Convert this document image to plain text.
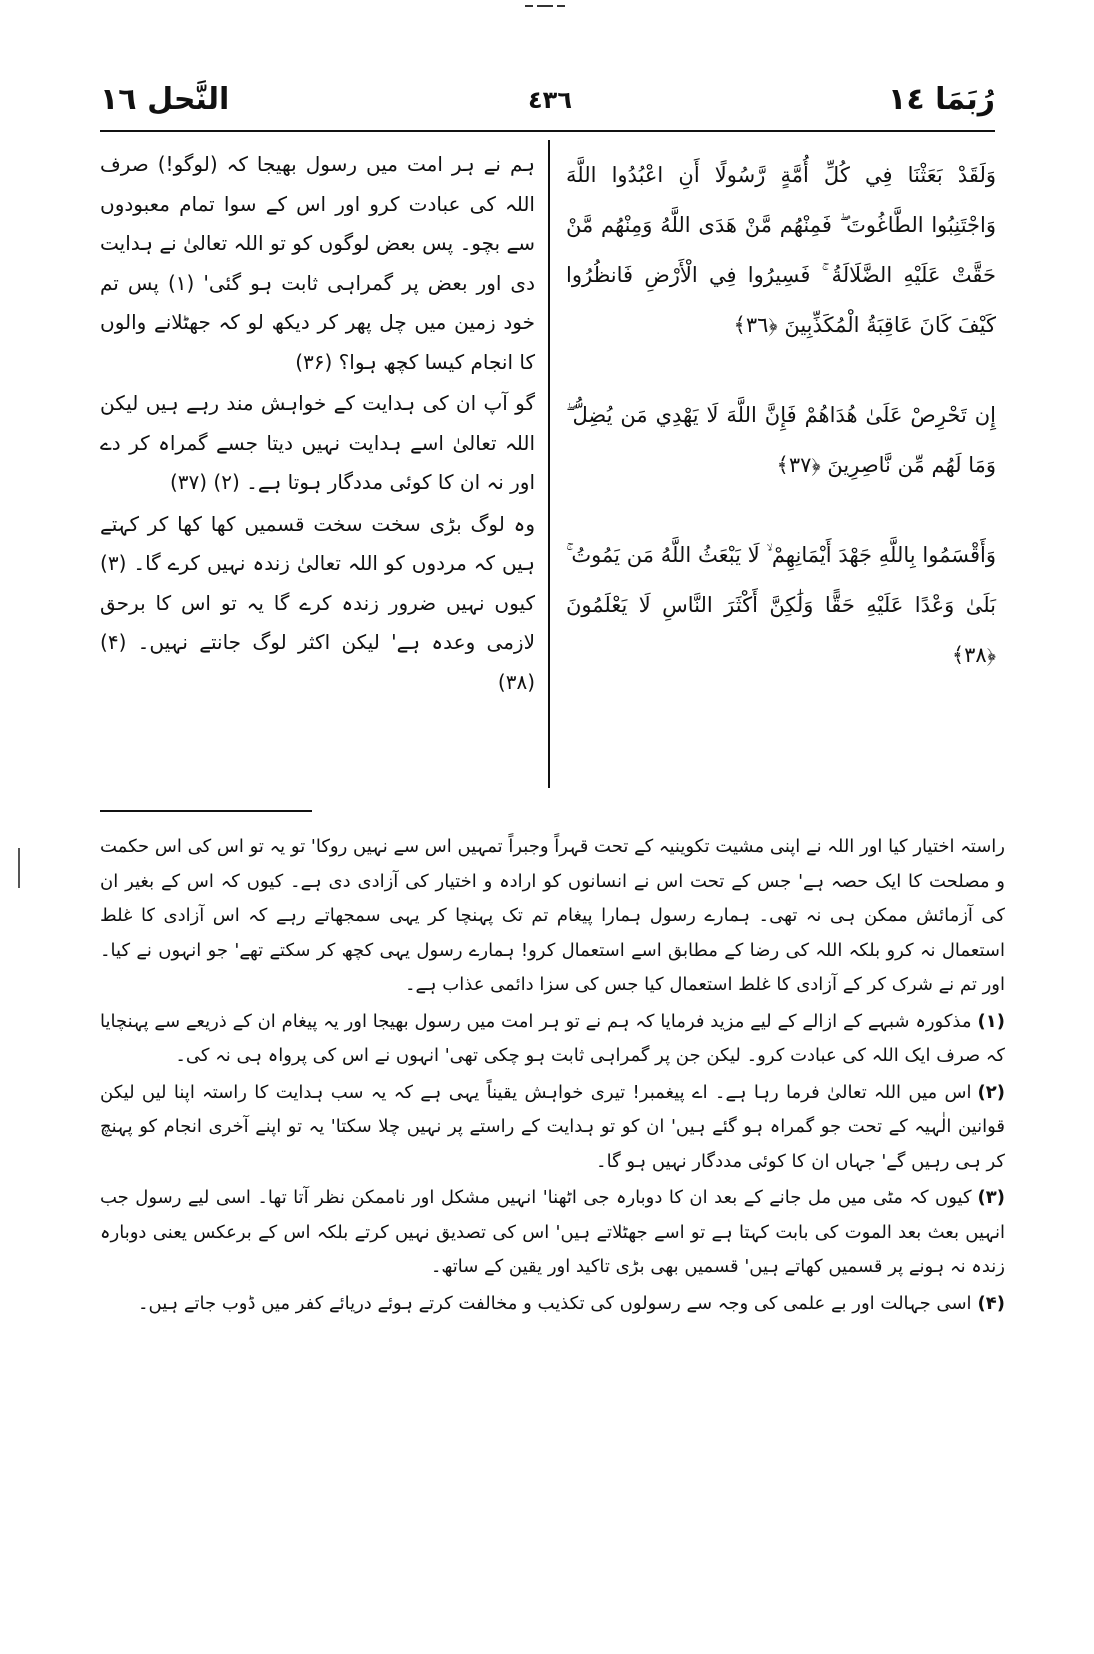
رُبَمَا ١٤
٤٣٦
النَّحل ١٦
وَلَقَدْ بَعَثْنَا فِي كُلِّ أُمَّةٍ رَّسُولًا أَنِ اعْبُدُوا اللَّهَ وَاجْتَنِبُوا الطَّاغُوتَ ۖ فَمِنْهُم مَّنْ هَدَى اللَّهُ وَمِنْهُم مَّنْ حَقَّتْ عَلَيْهِ الضَّلَالَةُ ۚ فَسِيرُوا فِي الْأَرْضِ فَانظُرُوا كَيْفَ كَانَ عَاقِبَةُ الْمُكَذِّبِينَ ﴿٣٦﴾
إِن تَحْرِصْ عَلَىٰ هُدَاهُمْ فَإِنَّ اللَّهَ لَا يَهْدِي مَن يُضِلُّ ۖ وَمَا لَهُم مِّن نَّاصِرِينَ ﴿٣٧﴾
وَأَقْسَمُوا بِاللَّهِ جَهْدَ أَيْمَانِهِمْ ۙ لَا يَبْعَثُ اللَّهُ مَن يَمُوتُ ۚ بَلَىٰ وَعْدًا عَلَيْهِ حَقًّا وَلَٰكِنَّ أَكْثَرَ النَّاسِ لَا يَعْلَمُونَ ﴿٣٨﴾

ہم نے ہر امت میں رسول بھیجا کہ (لوگو!) صرف اللہ کی عبادت کرو اور اس کے سوا تمام معبودوں سے بچو۔ پس بعض لوگوں کو تو اللہ تعالیٰ نے ہدایت دی اور بعض پر گمراہی ثابت ہو گئی' (۱) پس تم خود زمین میں چل پھر کر دیکھ لو کہ جھٹلانے والوں کا انجام کیسا کچھ ہوا؟ (۳۶)

گو آپ ان کی ہدایت کے خواہش مند رہے ہیں لیکن اللہ تعالیٰ اسے ہدایت نہیں دیتا جسے گمراہ کر دے اور نہ ان کا کوئی مددگار ہوتا ہے۔ (۲) (۳۷)

وہ لوگ بڑی سخت سخت قسمیں کھا کھا کر کہتے ہیں کہ مردوں کو اللہ تعالیٰ زندہ نہیں کرے گا۔ (۳) کیوں نہیں ضرور زندہ کرے گا یہ تو اس کا برحق لازمی وعدہ ہے' لیکن اکثر لوگ جانتے نہیں۔ (۴) (۳۸)

راستہ اختیار کیا اور اللہ نے اپنی مشیت تکوینیہ کے تحت قہراً وجبراً تمہیں اس سے نہیں روکا' تو یہ تو اس کی اس حکمت و مصلحت کا ایک حصہ ہے' جس کے تحت اس نے انسانوں کو ارادہ و اختیار کی آزادی دی ہے۔ کیوں کہ اس کے بغیر ان کی آزمائش ممکن ہی نہ تھی۔ ہمارے رسول ہمارا پیغام تم تک پہنچا کر یہی سمجھاتے رہے کہ اس آزادی کا غلط استعمال نہ کرو بلکہ اللہ کی رضا کے مطابق اسے استعمال کرو! ہمارے رسول یہی کچھ کر سکتے تھے' جو انہوں نے کیا۔ اور تم نے شرک کر کے آزادی کا غلط استعمال کیا جس کی سزا دائمی عذاب ہے۔

(۱)مذکورہ شبہے کے ازالے کے لیے مزید فرمایا کہ ہم نے تو ہر امت میں رسول بھیجا اور یہ پیغام ان کے ذریعے سے پہنچایا کہ صرف ایک اللہ کی عبادت کرو۔ لیکن جن پر گمراہی ثابت ہو چکی تھی' انہوں نے اس کی پرواہ ہی نہ کی۔

(۲)اس میں اللہ تعالیٰ فرما رہا ہے۔ اے پیغمبر! تیری خواہش یقیناً یہی ہے کہ یہ سب ہدایت کا راستہ اپنا لیں لیکن قوانین الٰہیہ کے تحت جو گمراہ ہو گئے ہیں' ان کو تو ہدایت کے راستے پر نہیں چلا سکتا' یہ تو اپنے آخری انجام کو پہنچ کر ہی رہیں گے' جہاں ان کا کوئی مددگار نہیں ہو گا۔

(۳)کیوں کہ مٹی میں مل جانے کے بعد ان کا دوبارہ جی اٹھنا' انہیں مشکل اور ناممکن نظر آتا تھا۔ اسی لیے رسول جب انہیں بعث بعد الموت کی بابت کہتا ہے تو اسے جھٹلاتے ہیں' اس کی تصدیق نہیں کرتے بلکہ اس کے برعکس یعنی دوبارہ زندہ نہ ہونے پر قسمیں کھاتے ہیں' قسمیں بھی بڑی تاکید اور یقین کے ساتھ۔

(۴)اسی جہالت اور بے علمی کی وجہ سے رسولوں کی تکذیب و مخالفت کرتے ہوئے دریائے کفر میں ڈوب جاتے ہیں۔
